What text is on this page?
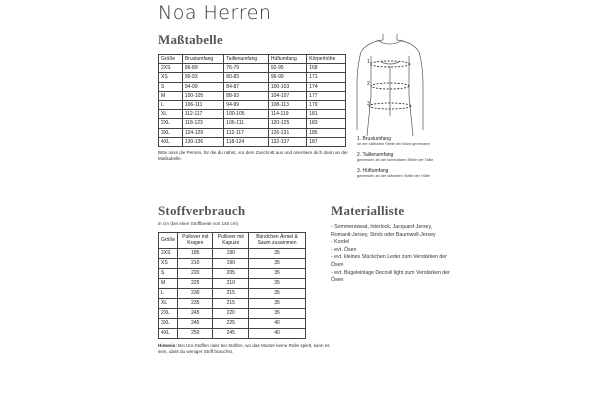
Noa Herren
Maßtabelle
Größe	Brustumfang	Taillenumfang	Hüftumfang	Körperhöhe
2XS	86-89	76-79	92-95	168
XS	90-93	80-83	96-99	171
S	94-99	84-87	100-103	174
M	100-105	88-93	104-107	177
L	106-111	94-99	108-113	179
XL	112-117	100-105	114-119	181
2XL	118-123	106-111	120-125	183
3XL	124-129	112-117	126-131	185
4XL	130-136	118-124	132-137	187
Bitte miss die Person, für die du nähst, vor dem Zuschnitt aus und orientiere dich dann an der Maßtabelle.
1
2
3
1. Brustumfang
an der stärksten Stelle der Brust gemessen
2. Taillenumfang
gemessen an der schmalsten Stelle der Taille
3. Hüftumfang
gemessen an der stärksten Stelle der Hüfte
Stoffverbrauch
in cm (bei einer Stoffbreite von 140 cm)
Größe	Pullover mit Kragen	Pullover mit Kapuze	Bündchen Ärmel & Saum zusammen
2XS	185	190	35
XS	210	190	35
S	220	205	35
M	225	210	35
L	230	215	35
XL	235	215	35
2XL	245	220	35
3XL	245	225	40
4XL	250	245	40
Hinweis: Bei Uni-Stoffen oder bei Stoffen, wo das Muster keine Rolle spielt, kann es sein, dass du weniger Stoff brauchst.
Materialliste
- Sommersweat, Interlock, Jacquard-Jersey, Romanit-Jersey, Strick oder Baumwoll-Jersey
- Kordel
- evt. Ösen
- evt. kleines Stückchen Leder zum Verstärken der Ösen
- evt. Bügeleinlage Decovil light zum Verstärken der Ösen
